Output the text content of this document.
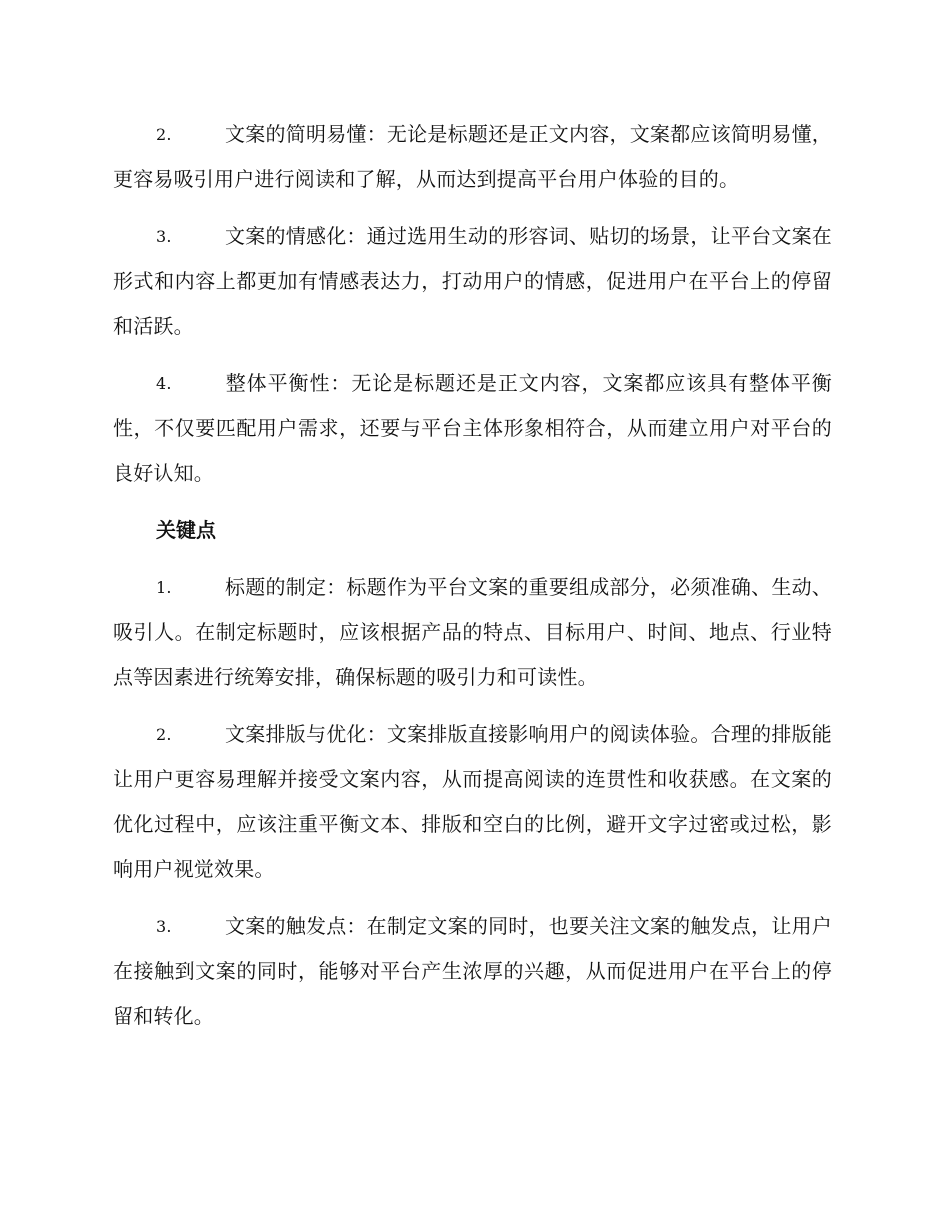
2.	文案的简明易懂：无论是标题还是正文内容，文案都应该简明易懂，更容易吸引用户进行阅读和了解，从而达到提高平台用户体验的目的。
3.	文案的情感化：通过选用生动的形容词、贴切的场景，让平台文案在形式和内容上都更加有情感表达力，打动用户的情感，促进用户在平台上的停留和活跃。
4.	整体平衡性：无论是标题还是正文内容，文案都应该具有整体平衡性，不仅要匹配用户需求，还要与平台主体形象相符合，从而建立用户对平台的良好认知。
关键点
1.	标题的制定：标题作为平台文案的重要组成部分，必须准确、生动、吸引人。在制定标题时，应该根据产品的特点、目标用户、时间、地点、行业特点等因素进行统筹安排，确保标题的吸引力和可读性。
2.	文案排版与优化：文案排版直接影响用户的阅读体验。合理的排版能让用户更容易理解并接受文案内容，从而提高阅读的连贯性和收获感。在文案的优化过程中，应该注重平衡文本、排版和空白的比例，避开文字过密或过松，影响用户视觉效果。
3.	文案的触发点：在制定文案的同时，也要关注文案的触发点，让用户在接触到文案的同时，能够对平台产生浓厚的兴趣，从而促进用户在平台上的停留和转化。
